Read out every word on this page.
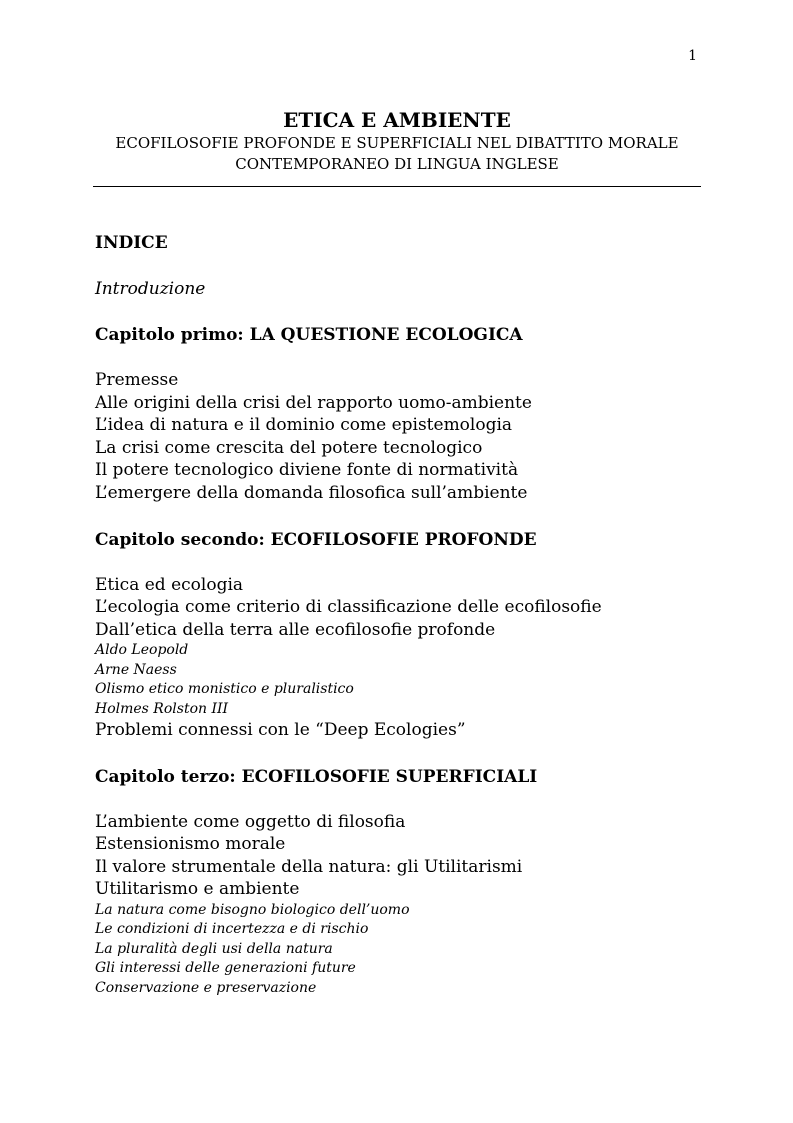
1
ETICA E AMBIENTE
ECOFILOSOFIE PROFONDE E SUPERFICIALI NEL DIBATTITO MORALE
CONTEMPORANEO DI LINGUA INGLESE
INDICE
Introduzione
Capitolo primo: LA QUESTIONE ECOLOGICA
Premesse
Alle origini della crisi del rapporto uomo-ambiente
L’idea di natura e il dominio come epistemologia
La crisi come crescita del potere tecnologico
Il potere tecnologico diviene fonte di normatività
L’emergere della domanda filosofica sull’ambiente
Capitolo secondo: ECOFILOSOFIE PROFONDE
Etica ed ecologia
L’ecologia come criterio di classificazione delle ecofilosofie
Dall’etica della terra alle ecofilosofie profonde
Aldo Leopold
Arne Naess
Olismo etico monistico e pluralistico
Holmes Rolston III
Problemi connessi con le “Deep Ecologies”
Capitolo terzo: ECOFILOSOFIE SUPERFICIALI
L’ambiente come oggetto di filosofia
Estensionismo morale
Il valore strumentale della natura: gli Utilitarismi
Utilitarismo e ambiente
La natura come bisogno biologico dell’uomo
Le condizioni di incertezza e di rischio
La pluralità degli usi della natura
Gli interessi delle generazioni future
Conservazione e preservazione
